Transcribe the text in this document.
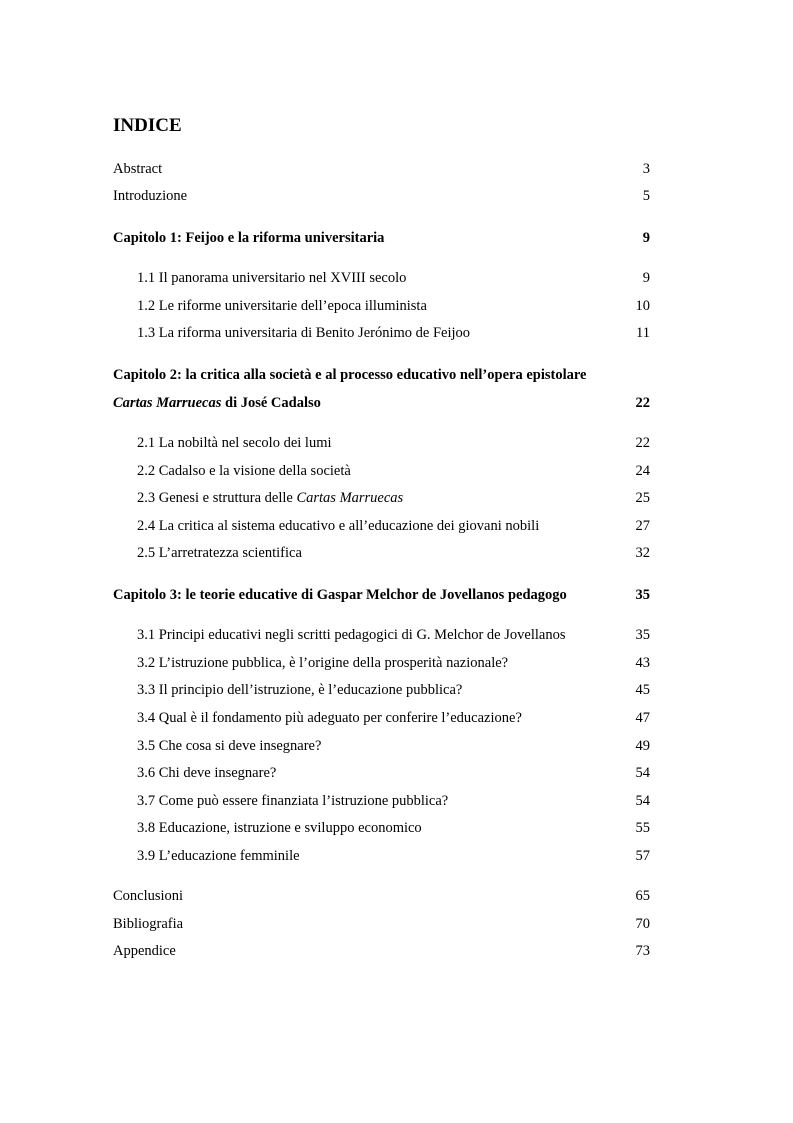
INDICE
Abstract	3
Introduzione	5
Capitolo 1: Feijoo e la riforma universitaria	9
1.1 Il panorama universitario nel XVIII secolo	9
1.2 Le riforme universitarie dell’epoca illuminista	10
1.3 La riforma universitaria di Benito Jerónimo de Feijoo	11
Capitolo 2: la critica alla società e al processo educativo nell’opera epistolare
Cartas Marruecas di José Cadalso	22
2.1 La nobiltà nel secolo dei lumi	22
2.2 Cadalso e la visione della società	24
2.3 Genesi e struttura delle Cartas Marruecas	25
2.4 La critica al sistema educativo e all’educazione dei giovani nobili	27
2.5 L’arretratezza scientifica	32
Capitolo 3: le teorie educative di Gaspar Melchor de Jovellanos pedagogo	35
3.1 Principi educativi negli scritti pedagogici di G. Melchor de Jovellanos	35
3.2 L’istruzione pubblica, è l’origine della prosperità nazionale?	43
3.3 Il principio dell’istruzione, è l’educazione pubblica?	45
3.4 Qual è il fondamento più adeguato per conferire l’educazione?	47
3.5 Che cosa si deve insegnare?	49
3.6 Chi deve insegnare?	54
3.7 Come può essere finanziata l’istruzione pubblica?	54
3.8 Educazione, istruzione e sviluppo economico	55
3.9 L’educazione femminile	57
Conclusioni	65
Bibliografia	70
Appendice	73
